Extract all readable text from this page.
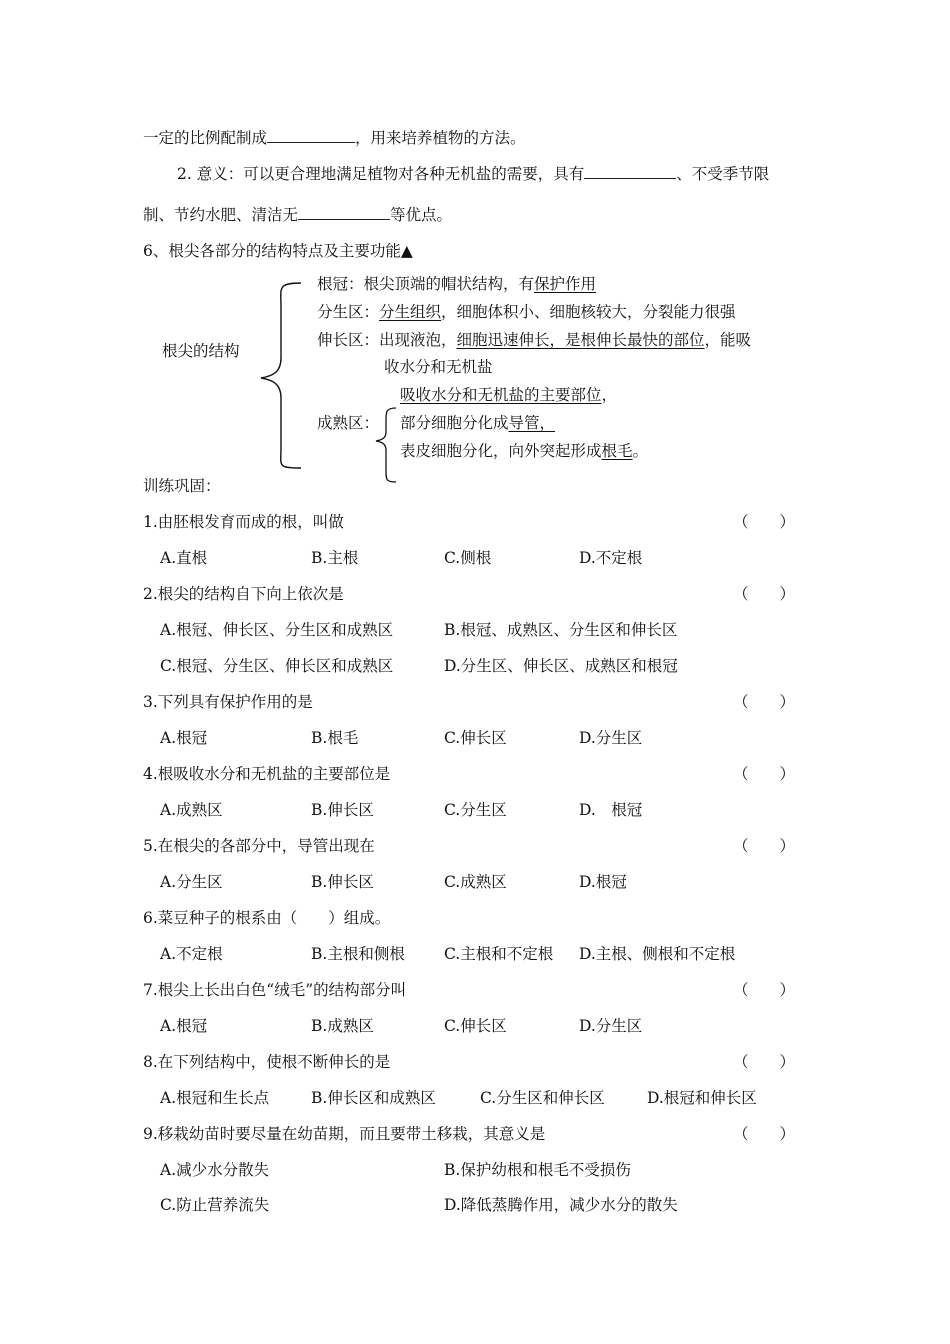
一定的比例配制成	，用来培养植物的方法。
2. 意义：可以更合理地满足植物对各种无机盐的需要，具有	、不受季节限
制、节约水肥、清洁无	等优点。
6、根尖各部分的结构特点及主要功能▲
根尖的结构
根冠：根尖顶端的帽状结构，有保护作用
分生区：分生组织，细胞体积小、细胞核较大，分裂能力很强
伸长区：出现液泡，细胞迅速伸长，是根伸长最快的部位，能吸
收水分和无机盐
成熟区：
吸收水分和无机盐的主要部位，
部分细胞分化成导管，
表皮细胞分化，向外突起形成根毛。
训练巩固：
1.由胚根发育而成的根，叫做	（　　）
A.直根	B.主根	C.侧根	D.不定根
2.根尖的结构自下向上依次是	（　　）
A.根冠、伸长区、分生区和成熟区	B.根冠、成熟区、分生区和伸长区
C.根冠、分生区、伸长区和成熟区	D.分生区、伸长区、成熟区和根冠
3.下列具有保护作用的是	（　　）
A.根冠	B.根毛	C.伸长区	D.分生区
4.根吸收水分和无机盐的主要部位是	（　　）
A.成熟区	B.伸长区	C.分生区	D.　根冠
5.在根尖的各部分中，导管出现在	（　　）
A.分生区	B.伸长区	C.成熟区	D.根冠
6.菜豆种子的根系由（　　）组成。
A.不定根	B.主根和侧根	C.主根和不定根 D.主根、侧根和不定根
7.根尖上长出白色“绒毛”的结构部分叫	（　　）
A.根冠	B.成熟区	C.伸长区	D.分生区
8.在下列结构中，使根不断伸长的是	（　　）
A.根冠和生长点	B.伸长区和成熟区	C.分生区和伸长区	D.根冠和伸长区
9.移栽幼苗时要尽量在幼苗期，而且要带土移栽，其意义是	（　　）
A.减少水分散失	B.保护幼根和根毛不受损伤
C.防止营养流失	D.降低蒸腾作用，减少水分的散失
